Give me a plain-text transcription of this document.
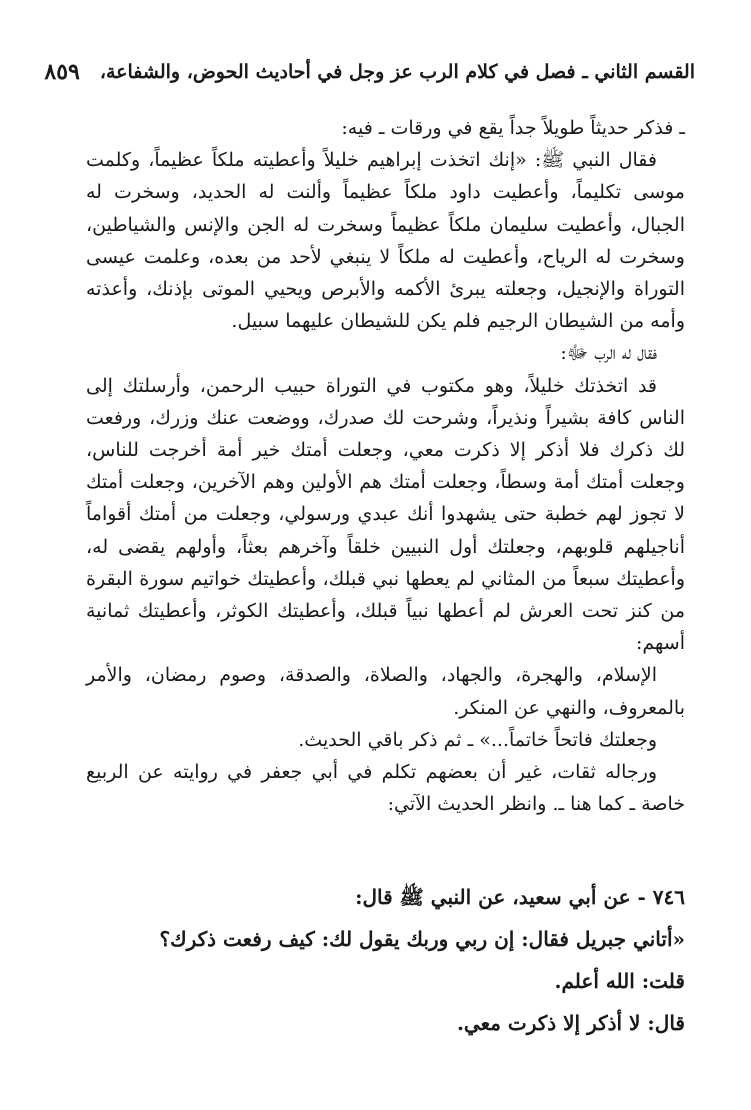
القسم الثاني ـ فصل في كلام الرب عز وجل في أحاديث الحوض، والشفاعة،
٨٥٩

ـ فذكر حديثاً طويلاً جداً يقع في ورقات ـ فيه:

فقال النبي ﷺ: «إنك اتخذت إبراهيم خليلاً وأعطيته ملكاً عظيماً، وكلمت موسى تكليماً، وأعطيت داود ملكاً عظيماً وألنت له الحديد، وسخرت له الجبال، وأعطيت سليمان ملكاً عظيماً وسخرت له الجن والإنس والشياطين، وسخرت له الرياح، وأعطيت له ملكاً لا ينبغي لأحد من بعده، وعلمت عيسى التوراة والإنجيل، وجعلته يبرئ الأكمه والأبرص ويحيي الموتى بإذنك، وأعذته وأمه من الشيطان الرجيم فلم يكن للشيطان عليهما سبيل.

فقال له الرب ﷻ:

قد اتخذتك خليلاً، وهو مكتوب في التوراة حبيب الرحمن، وأرسلتك إلى الناس كافة بشيراً ونذيراً، وشرحت لك صدرك، ووضعت عنك وزرك، ورفعت لك ذكرك فلا أذكر إلا ذكرت معي، وجعلت أمتك خير أمة أخرجت للناس، وجعلت أمتك أمة وسطاً، وجعلت أمتك هم الأولين وهم الآخرين، وجعلت أمتك لا تجوز لهم خطبة حتى يشهدوا أنك عبدي ورسولي، وجعلت من أمتك أقواماً أناجيلهم قلوبهم، وجعلتك أول النبيين خلقاً وآخرهم بعثاً، وأولهم يقضى له، وأعطيتك سبعاً من المثاني لم يعطها نبي قبلك، وأعطيتك خواتيم سورة البقرة من كنز تحت العرش لم أعطها نبياً قبلك، وأعطيتك الكوثر، وأعطيتك ثمانية أسهم:

الإسلام، والهجرة، والجهاد، والصلاة، والصدقة، وصوم رمضان، والأمر بالمعروف، والنهي عن المنكر.

وجعلتك فاتحاً خاتماً...» ـ ثم ذكر باقي الحديث.

ورجاله ثقات، غير أن بعضهم تكلم في أبي جعفر في روايته عن الربيع خاصة ـ كما هنا ـ. وانظر الحديث الآتي:

٧٤٦ - عن أبي سعيد، عن النبي ﷺ قال:

«أتاني جبريل فقال: إن ربي وربك يقول لك: كيف رفعت ذكرك؟

قلت: الله أعلم.

قال: لا أذكر إلا ذكرت معي.
